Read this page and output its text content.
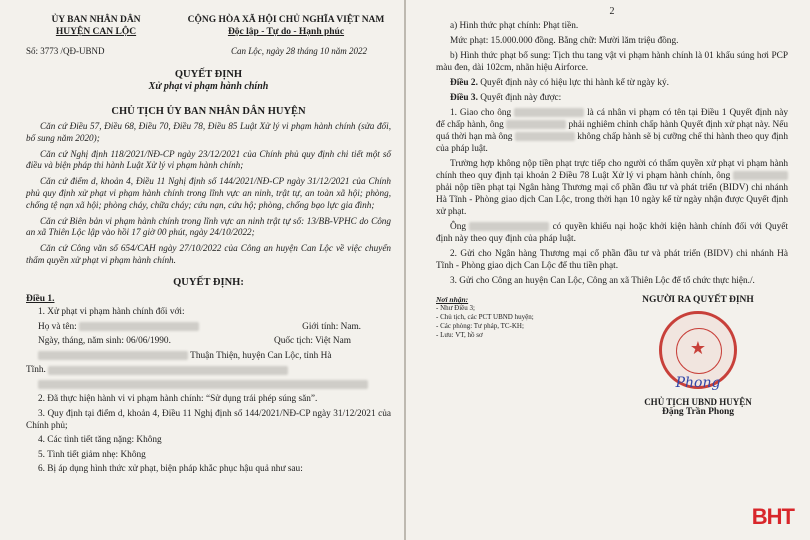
ỦY BAN NHÂN DÂN
HUYỆN CAN LỘC
CỘNG HÒA XÃ HỘI CHỦ NGHĨA VIỆT NAM
Độc lập - Tự do - Hạnh phúc
Số: 3773 /QĐ-UBND	Can Lộc, ngày 28 tháng 10 năm 2022
QUYẾT ĐỊNH
Xử phạt vi phạm hành chính
CHỦ TỊCH ỦY BAN NHÂN DÂN HUYỆN
Căn cứ Điều 57, Điều 68, Điều 70, Điều 78, Điều 85 Luật Xử lý vi phạm hành chính (sửa đổi, bổ sung năm 2020);
Căn cứ Nghị định 118/2021/NĐ-CP ngày 23/12/2021 của Chính phủ quy định chi tiết một số điều và biện pháp thi hành Luật Xử lý vi phạm hành chính;
Căn cứ điểm d, khoản 4, Điều 11 Nghị định số 144/2021/NĐ-CP ngày 31/12/2021 của Chính phủ quy định xử phạt vi phạm hành chính trong lĩnh vực an ninh, trật tự, an toàn xã hội; phòng, chống tệ nạn xã hội; phòng cháy, chữa cháy; cứu nạn, cứu hộ; phòng, chống bạo lực gia đình;
Căn cứ Biên bản vi phạm hành chính trong lĩnh vực an ninh trật tự số: 13/BB-VPHC do Công an xã Thiên Lộc lập vào hồi 17 giờ 00 phút, ngày 24/10/2022;
Căn cứ Công văn số 654/CAH ngày 27/10/2022 của Công an huyện Can Lộc về việc chuyển thẩm quyền xử phạt vi phạm hành chính.
QUYẾT ĐỊNH:
Điều 1.
1. Xử phạt vi phạm hành chính đối với:
Họ và tên:	Giới tính: Nam.
Ngày, tháng, năm sinh: 06/06/1990.	Quốc tịch: Việt Nam
Thuận Thiện, huyện Can Lộc, tỉnh Hà
Tĩnh.
2. Đã thực hiện hành vi vi phạm hành chính: “Sử dụng trái phép súng săn”.
3. Quy định tại điểm d, khoản 4, Điều 11 Nghị định số 144/2021/NĐ-CP ngày 31/12/2021 của Chính phủ;
4. Các tình tiết tăng nặng: Không
5. Tình tiết giảm nhẹ: Không
6. Bị áp dụng hình thức xử phạt, biện pháp khắc phục hậu quả như sau:
2
a) Hình thức phạt chính: Phạt tiền.
Mức phạt: 15.000.000 đồng. Bằng chữ: Mười lăm triệu đồng.
b) Hình thức phạt bổ sung: Tịch thu tang vật vi phạm hành chính là 01 khẩu súng hơi PCP màu đen, dài 102cm, nhãn hiệu Airforce.
Điều 2. Quyết định này có hiệu lực thi hành kể từ ngày ký.
Điều 3. Quyết định này được:
1. Giao cho ông	là cá nhân vi phạm có tên tại Điều 1 Quyết định này để chấp hành, ông	phải nghiêm chỉnh chấp hành Quyết định xử phạt này. Nếu quá thời hạn mà ông	không chấp hành sẽ bị cưỡng chế thi hành theo quy định của pháp luật.
Trường hợp không nộp tiền phạt trực tiếp cho người có thẩm quyền xử phạt vi phạm hành chính theo quy định tại khoản 2 Điều 78 Luật Xử lý vi phạm hành chính, ông  phải nộp tiền phạt tại Ngân hàng Thương mại cổ phần đầu tư và phát triển (BIDV) chi nhánh Hà Tĩnh - Phòng giao dịch Can Lộc, trong thời hạn 10 ngày kể từ ngày nhận được Quyết định xử phạt.
Ông	có quyền khiếu nại hoặc khởi kiện hành chính đối với Quyết định này theo quy định của pháp luật.
2. Gửi cho Ngân hàng Thương mại cổ phần đầu tư và phát triển (BIDV) chi nhánh Hà Tĩnh - Phòng giao dịch Can Lộc để thu tiền phạt.
3. Gửi cho Công an huyện Can Lộc, Công an xã Thiên Lộc để tổ chức thực hiện./.
Nơi nhận:
- Như Điều 3;
- Chủ tịch, các PCT UBND huyện;
- Các phòng: Tư pháp, TC-KH;
- Lưu: VT, hồ sơ
NGƯỜI RA QUYẾT ĐỊNH
★
Phong
CHỦ TỊCH UBND HUYỆN
Đặng Trần Phong
BHT
